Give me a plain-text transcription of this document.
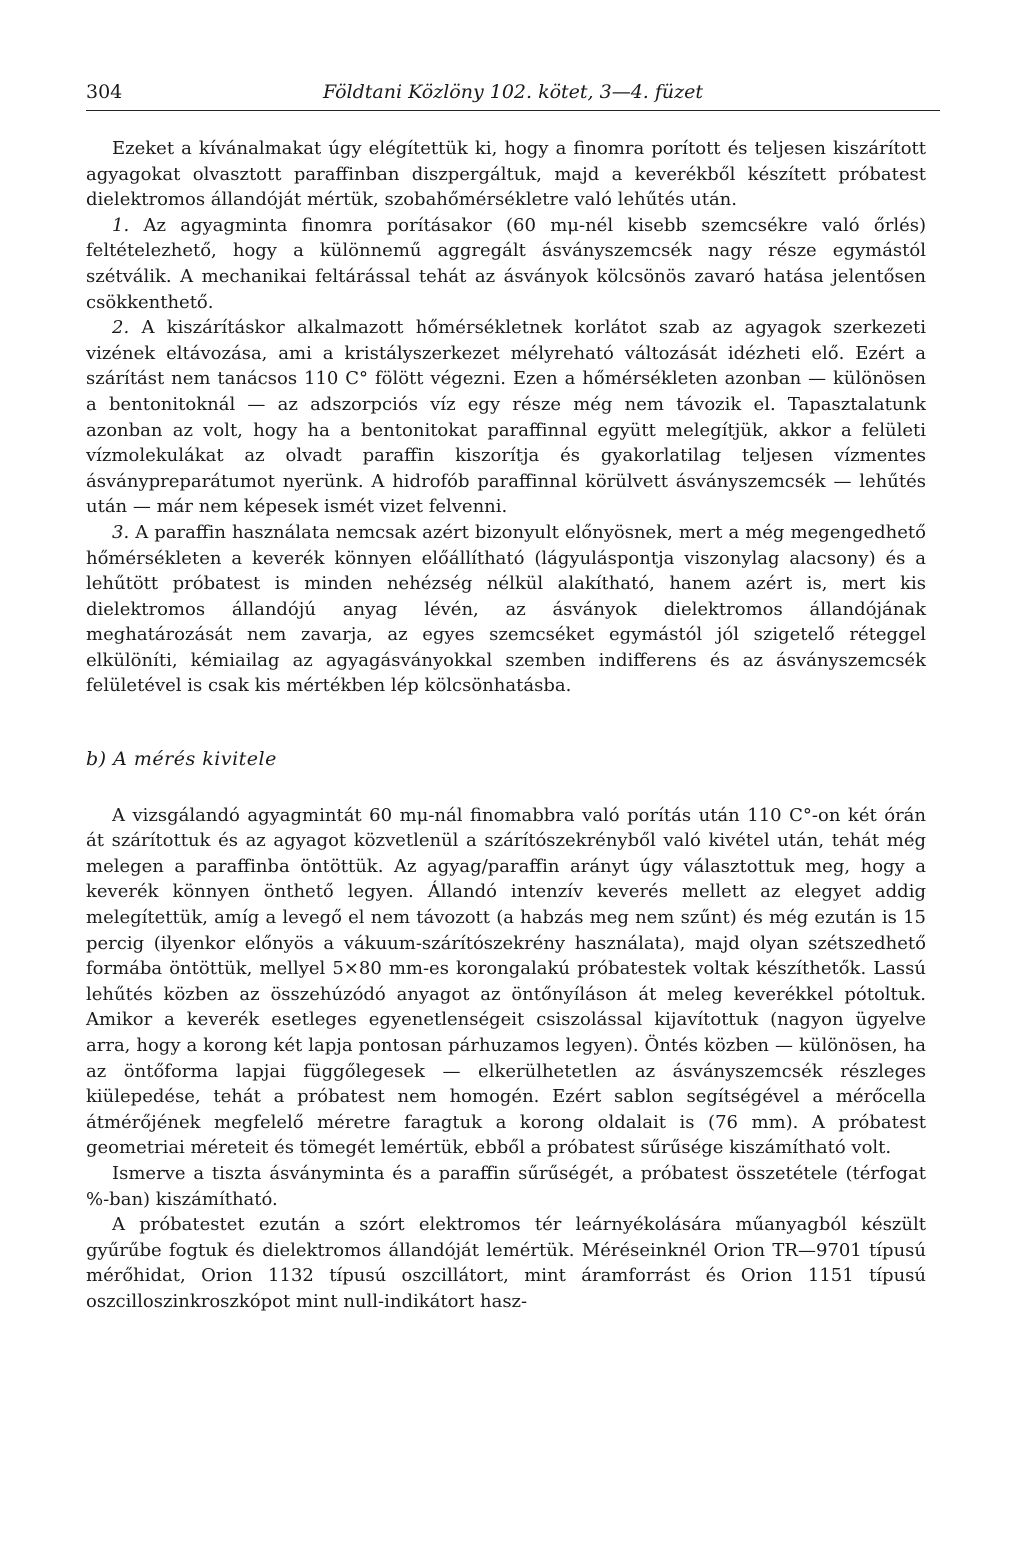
304	Földtani Közlöny 102. kötet, 3—4. füzet

Ezeket a kívánalmakat úgy elégítettük ki, hogy a finomra porított és teljesen kiszárított agyagokat olvasztott paraffinban diszpergáltuk, majd a keverékből készített próbatest dielektromos állandóját mértük, szobahőmérsékletre való lehűtés után.

1. Az agyagminta finomra porításakor (60 mμ-nél kisebb szemcsékre való őrlés) feltételezhető, hogy a különnemű aggregált ásványszemcsék nagy része egymástól szétválik. A mechanikai feltárással tehát az ásványok kölcsönös zavaró hatása jelentősen csökkenthető.

2. A kiszárításkor alkalmazott hőmérsékletnek korlátot szab az agyagok szerkezeti vizének eltávozása, ami a kristályszerkezet mélyreható változását idézheti elő. Ezért a szárítást nem tanácsos 110 C° fölött végezni. Ezen a hőmérsékleten azonban — különösen a bentonitoknál — az adszorpciós víz egy része még nem távozik el. Tapasztalatunk azonban az volt, hogy ha a bentonitokat paraffinnal együtt melegítjük, akkor a felületi vízmolekulákat az olvadt paraffin kiszorítja és gyakorlatilag teljesen vízmentes ásványpreparátumot nyerünk. A hidrofób paraffinnal körülvett ásványszemcsék — lehűtés után — már nem képesek ismét vizet felvenni.

3. A paraffin használata nemcsak azért bizonyult előnyösnek, mert a még megengedhető hőmérsékleten a keverék könnyen előállítható (lágyuláspontja viszonylag alacsony) és a lehűtött próbatest is minden nehézség nélkül alakítható, hanem azért is, mert kis dielektromos állandójú anyag lévén, az ásványok dielektromos állandójának meghatározását nem zavarja, az egyes szemcséket egymástól jól szigetelő réteggel elkülöníti, kémiailag az agyagásványokkal szemben indifferens és az ásványszemcsék felületével is csak kis mértékben lép kölcsönhatásba.

b) A mérés kivitele

A vizsgálandó agyagmintát 60 mμ-nál finomabbra való porítás után 110 C°-on két órán át szárítottuk és az agyagot közvetlenül a szárítószekrényből való kivétel után, tehát még melegen a paraffinba öntöttük. Az agyag/paraffin arányt úgy választottuk meg, hogy a keverék könnyen önthető legyen. Állandó intenzív keverés mellett az elegyet addig melegítettük, amíg a levegő el nem távozott (a habzás meg nem szűnt) és még ezután is 15 percig (ilyenkor előnyös a vákuum-szárítószekrény használata), majd olyan szétszedhető formába öntöttük, mellyel 5×80 mm-es korongalakú próbatestek voltak készíthetők. Lassú lehűtés közben az összehúzódó anyagot az öntőnyíláson át meleg keverékkel pótoltuk. Amikor a keverék esetleges egyenetlenségeit csiszolással kijavítottuk (nagyon ügyelve arra, hogy a korong két lapja pontosan párhuzamos legyen). Öntés közben — különösen, ha az öntőforma lapjai függőlegesek — elkerülhetetlen az ásványszemcsék részleges kiülepedése, tehát a próbatest nem homogén. Ezért sablon segítségével a mérőcella átmérőjének megfelelő méretre faragtuk a korong oldalait is (76 mm). A próbatest geometriai méreteit és tömegét lemértük, ebből a próbatest sűrűsége kiszámítható volt.

Ismerve a tiszta ásványminta és a paraffin sűrűségét, a próbatest összetétele (térfogat %-ban) kiszámítható.

A próbatestet ezután a szórt elektromos tér leárnyékolására műanyagból készült gyűrűbe fogtuk és dielektromos állandóját lemértük. Méréseinknél Orion TR—9701 típusú mérőhidat, Orion 1132 típusú oszcillátort, mint áramforrást és Orion 1151 típusú oszcilloszinkroszkópot mint null-indikátort hasz-
